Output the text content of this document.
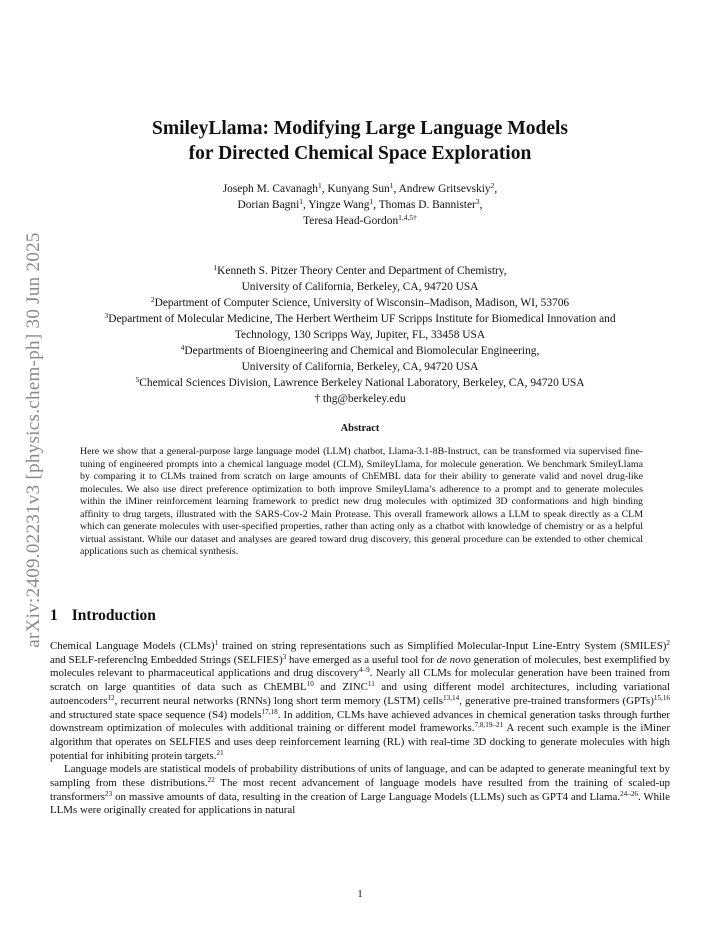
arXiv:2409.02231v3 [physics.chem-ph] 30 Jun 2025
SmileyLlama: Modifying Large Language Models
for Directed Chemical Space Exploration
Joseph M. Cavanagh$^1$, Kunyang Sun$^1$, Andrew Gritsevskiy$^2$,
Dorian Bagni$^1$, Yingze Wang$^1$, Thomas D. Bannister$^3$,
Teresa Head-Gordon$^{1,4,5\dagger}$
$^1$Kenneth S. Pitzer Theory Center and Department of Chemistry,
University of California, Berkeley, CA, 94720 USA
$^2$Department of Computer Science, University of Wisconsin–Madison, Madison, WI, 53706
$^3$Department of Molecular Medicine, The Herbert Wertheim UF Scripps Institute for Biomedical Innovation and
Technology, 130 Scripps Way, Jupiter, FL, 33458 USA
$^4$Departments of Bioengineering and Chemical and Biomolecular Engineering,
University of California, Berkeley, CA, 94720 USA
$^5$Chemical Sciences Division, Lawrence Berkeley National Laboratory, Berkeley, CA, 94720 USA
† thg@berkeley.edu
Abstract

Here we show that a general-purpose large language model (LLM) chatbot, Llama-3.1-8B-Instruct, can be transformed via supervised fine-tuning of engineered prompts into a chemical language model (CLM), SmileyLlama, for molecule generation. We benchmark SmileyLlama by comparing it to CLMs trained from scratch on large amounts of ChEMBL data for their ability to generate valid and novel drug-like molecules. We also use direct preference optimization to both improve SmileyLlama’s adherence to a prompt and to generate molecules within the iMiner reinforcement learning framework to predict new drug molecules with optimized 3D conformations and high binding affinity to drug targets, illustrated with the SARS-Cov-2 Main Protease. This overall framework allows a LLM to speak directly as a CLM which can generate molecules with user-specified properties, rather than acting only as a chatbot with knowledge of chemistry or as a helpful virtual assistant. While our dataset and analyses are geared toward drug discovery, this general procedure can be extended to other chemical applications such as chemical synthesis.

1 Introduction

Chemical Language Models (CLMs)$^1$ trained on string representations such as Simplified Molecular-Input Line-Entry System (SMILES)$^2$ and SELF-referencIng Embedded Strings (SELFIES)$^3$ have emerged as a useful tool for de novo generation of molecules, best exemplified by molecules relevant to pharmaceutical applications and drug discovery$^{4-9}$. Nearly all CLMs for molecular generation have been trained from scratch on large quantities of data such as ChEMBL$^{10}$ and ZINC$^{11}$ and using different model architectures, including variational autoencoders$^{12}$, recurrent neural networks (RNNs) long short term memory (LSTM) cells$^{13,14}$, generative pre-trained transformers (GPTs)$^{15,16}$ and structured state space sequence (S4) models$^{17,18}$. In addition, CLMs have achieved advances in chemical generation tasks through further downstream optimization of molecules with additional training or different model frameworks.$^{7,8,19-21}$ A recent such example is the iMiner algorithm that operates on SELFIES and uses deep reinforcement learning (RL) with real-time 3D docking to generate molecules with high potential for inhibiting protein targets.$^{21}$

Language models are statistical models of probability distributions of units of language, and can be adapted to generate meaningful text by sampling from these distributions.$^{22}$ The most recent advancement of language models have resulted from the training of scaled-up transformers$^{23}$ on massive amounts of data, resulting in the creation of Large Language Models (LLMs) such as GPT4 and Llama.$^{24-26}$. While LLMs were originally created for applications in natural

1
